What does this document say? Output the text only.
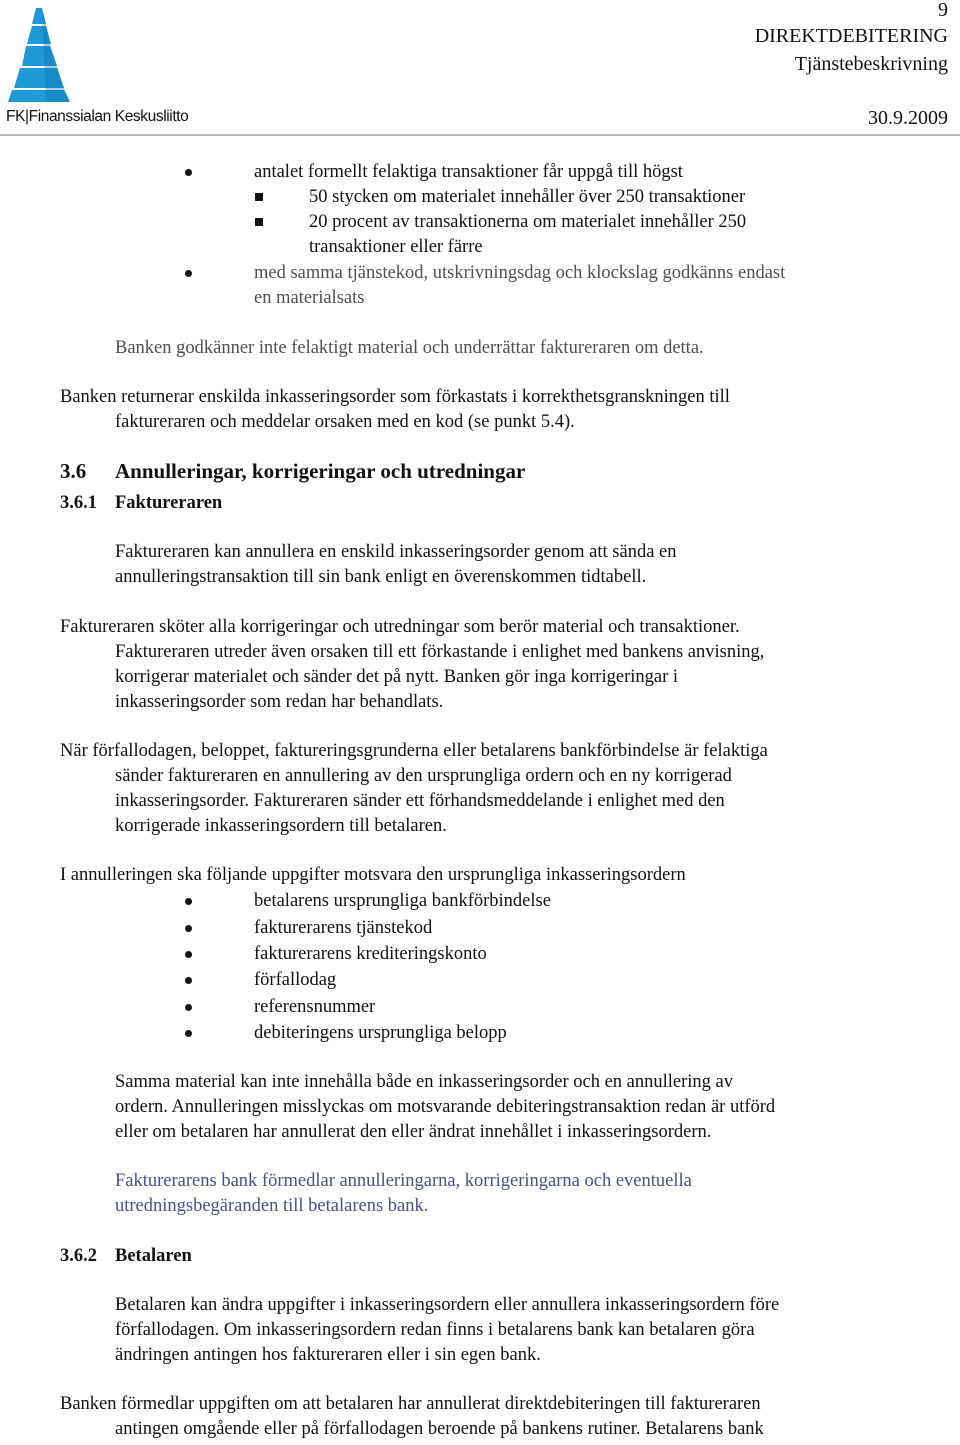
FK|Finanssialan Keskusliitto
9
DIREKTDEBITERING
Tjänstebeskrivning
30.9.2009
antalet formellt felaktiga transaktioner får uppgå till högst
50 stycken om materialet innehåller över 250 transaktioner
20 procent av transaktionerna om materialet innehåller 250
transaktioner eller färre
med samma tjänstekod, utskrivningsdag och klockslag godkänns endast
en materialsats
Banken godkänner inte felaktigt material och underrättar faktureraren om detta.
Banken returnerar enskilda inkasseringsorder som förkastats i korrekthetsgranskningen till
faktureraren och meddelar orsaken med en kod (se punkt 5.4).
3.6 Annulleringar, korrigeringar och utredningar
3.6.1 Faktureraren
Faktureraren kan annullera en enskild inkasseringsorder genom att sända en
annulleringstransaktion till sin bank enligt en överenskommen tidtabell.
Faktureraren sköter alla korrigeringar och utredningar som berör material och transaktioner.
Faktureraren utreder även orsaken till ett förkastande i enlighet med bankens anvisning,
korrigerar materialet och sänder det på nytt. Banken gör inga korrigeringar i
inkasseringsorder som redan har behandlats.
När förfallodagen, beloppet, faktureringsgrunderna eller betalarens bankförbindelse är felaktiga
sänder faktureraren en annullering av den ursprungliga ordern och en ny korrigerad
inkasseringsorder. Faktureraren sänder ett förhandsmeddelande i enlighet med den
korrigerade inkasseringsordern till betalaren.
I annulleringen ska följande uppgifter motsvara den ursprungliga inkasseringsordern
betalarens ursprungliga bankförbindelse
fakturerarens tjänstekod
fakturerarens krediteringskonto
förfallodag
referensnummer
debiteringens ursprungliga belopp
Samma material kan inte innehålla både en inkasseringsorder och en annullering av
ordern. Annulleringen misslyckas om motsvarande debiteringstransaktion redan är utförd
eller om betalaren har annullerat den eller ändrat innehållet i inkasseringsordern.
Fakturerarens bank förmedlar annulleringarna, korrigeringarna och eventuella
utredningsbegäranden till betalarens bank.
3.6.2 Betalaren
Betalaren kan ändra uppgifter i inkasseringsordern eller annullera inkasseringsordern före
förfallodagen. Om inkasseringsordern redan finns i betalarens bank kan betalaren göra
ändringen antingen hos faktureraren eller i sin egen bank.
Banken förmedlar uppgiften om att betalaren har annullerat direktdebiteringen till faktureraren
antingen omgående eller på förfallodagen beroende på bankens rutiner. Betalarens bank
